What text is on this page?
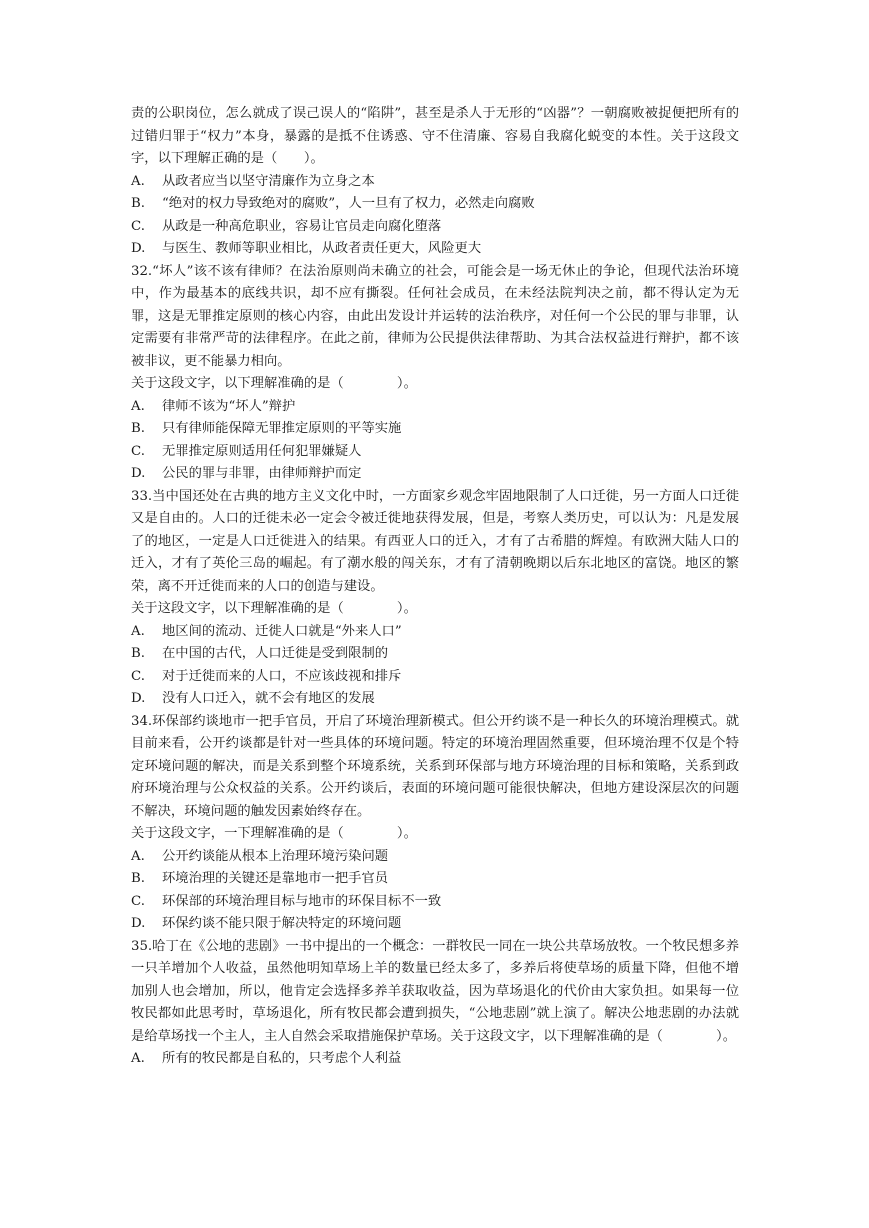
责的公职岗位，怎么就成了误己误人的“陷阱”，甚至是杀人于无形的“凶器”？一朝腐败被捉便把所有的过错归罪于“权力”本身，暴露的是抵不住诱惑、守不住清廉、容易自我腐化蜕变的本性。关于这段文字，以下理解正确的是（　　）。
A.	从政者应当以坚守清廉作为立身之本
B.	“绝对的权力导致绝对的腐败”，人一旦有了权力，必然走向腐败
C.	从政是一种高危职业，容易让官员走向腐化堕落
D.	与医生、教师等职业相比，从政者责任更大，风险更大
32.“坏人”该不该有律师？在法治原则尚未确立的社会，可能会是一场无休止的争论，但现代法治环境中，作为最基本的底线共识，却不应有撕裂。任何社会成员，在未经法院判决之前，都不得认定为无罪，这是无罪推定原则的核心内容，由此出发设计并运转的法治秩序，对任何一个公民的罪与非罪，认定需要有非常严苛的法律程序。在此之前，律师为公民提供法律帮助、为其合法权益进行辩护，都不该被非议，更不能暴力相向。
关于这段文字，以下理解准确的是（　　　　）。
A.	律师不该为“坏人”辩护
B.	只有律师能保障无罪推定原则的平等实施
C.	无罪推定原则适用任何犯罪嫌疑人
D.	公民的罪与非罪，由律师辩护而定
33.当中国还处在古典的地方主义文化中时，一方面家乡观念牢固地限制了人口迁徙，另一方面人口迁徙又是自由的。人口的迁徙未必一定会令被迁徙地获得发展，但是，考察人类历史，可以认为：凡是发展了的地区，一定是人口迁徙进入的结果。有西亚人口的迁入，才有了古希腊的辉煌。有欧洲大陆人口的迁入，才有了英伦三岛的崛起。有了潮水般的闯关东，才有了清朝晚期以后东北地区的富饶。地区的繁荣，离不开迁徙而来的人口的创造与建设。
关于这段文字，以下理解准确的是（　　　　）。
A.	地区间的流动、迁徙人口就是“外来人口”
B.	在中国的古代，人口迁徙是受到限制的
C.	对于迁徙而来的人口，不应该歧视和排斥
D.	没有人口迁入，就不会有地区的发展
34.环保部约谈地市一把手官员，开启了环境治理新模式。但公开约谈不是一种长久的环境治理模式。就目前来看，公开约谈都是针对一些具体的环境问题。特定的环境治理固然重要，但环境治理不仅是个特定环境问题的解决，而是关系到整个环境系统，关系到环保部与地方环境治理的目标和策略，关系到政府环境治理与公众权益的关系。公开约谈后，表面的环境问题可能很快解决，但地方建设深层次的问题不解决，环境问题的触发因素始终存在。
关于这段文字，一下理解准确的是（　　　　）。
A.	公开约谈能从根本上治理环境污染问题
B.	环境治理的关键还是靠地市一把手官员
C.	环保部的环境治理目标与地市的环保目标不一致
D.	环保约谈不能只限于解决特定的环境问题
35.哈丁在《公地的悲剧》一书中提出的一个概念：一群牧民一同在一块公共草场放牧。一个牧民想多养一只羊增加个人收益，虽然他明知草场上羊的数量已经太多了，多养后将使草场的质量下降，但他不增加别人也会增加，所以，他肯定会选择多养羊获取收益，因为草场退化的代价由大家负担。如果每一位牧民都如此思考时，草场退化，所有牧民都会遭到损失，“公地悲剧”就上演了。解决公地悲剧的办法就是给草场找一个主人，主人自然会采取措施保护草场。关于这段文字，以下理解准确的是（　　　　）。
A.	所有的牧民都是自私的，只考虑个人利益
